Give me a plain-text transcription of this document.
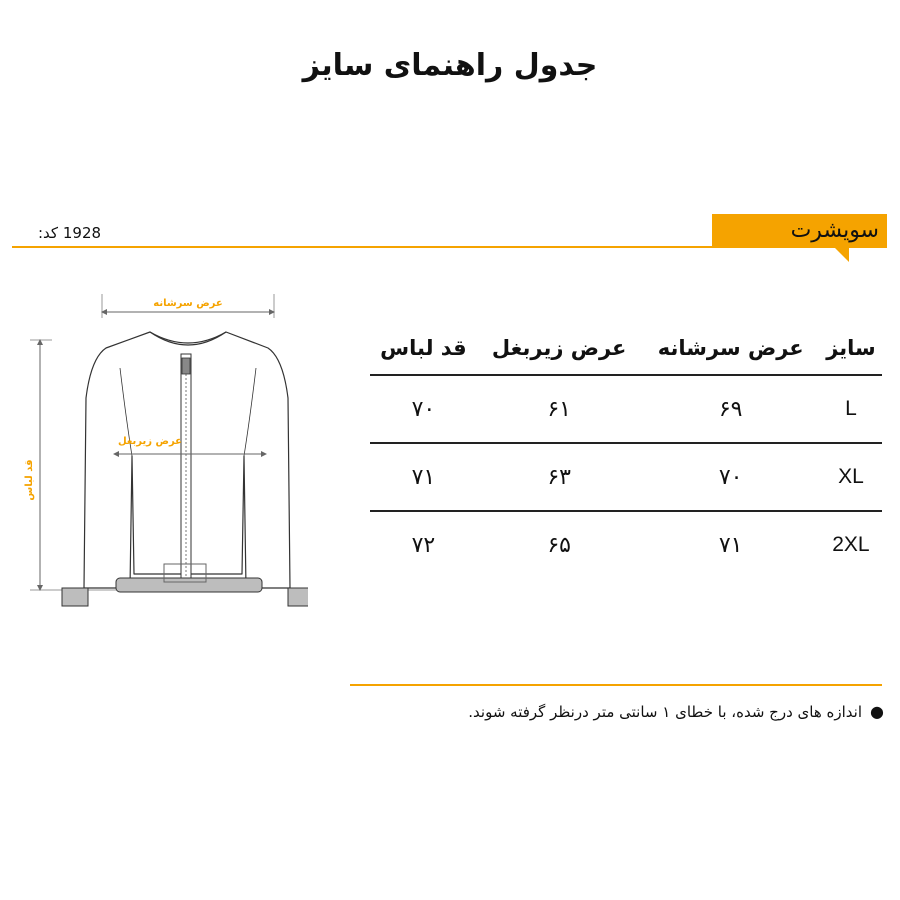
جدول راهنمای سایز
سویشرت
کد: 1928
عرض سرشانه
قد لباس
عرض زیربغل
سایز	عرض سرشانه	عرض زیربغل	قد لباس
L	۶۹	۶۱	۷۰
XL	۷۰	۶۳	۷۱
2XL	۷۱	۶۵	۷۲

●اندازه های درج شده، با خطای ۱ سانتی متر درنظر گرفته شوند.
